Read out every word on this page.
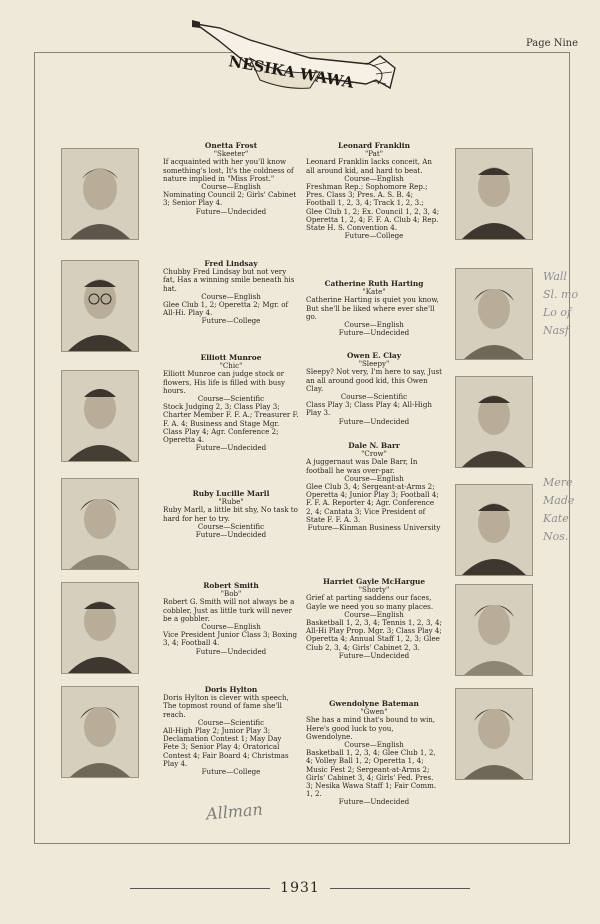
Page Nine
NESIKA WAWA
Onetta Frost
"Skeeter"
If acquainted with her you'll know something's lost, It's the coldness of nature implied in "Miss Frost."
Course—English
Nominating Council 2; Girls' Cabinet 3; Senior Play 4.
Future—Undecided
Fred Lindsay
Chubby Fred Lindsay but not very fat, Has a winning smile beneath his hat.
Course—English
Glee Club 1, 2; Operetta 2; Mgr. of All-Hi. Play 4.
Future—College
Elliott Munroe
"Chic"
Elliott Munroe can judge stock or flowers, His life is filled with busy hours.
Course—Scientific
Stock Judging 2, 3; Class Play 3; Charter Member F. F. A.; Treasurer F. F. A. 4; Business and Stage Mgr. Class Play 4; Agr. Conference 2; Operetta 4.
Future—Undecided
Ruby Lucille Marll
"Rube"
Ruby Marll, a little bit shy, No task to hard for her to try.
Course—Scientific
Future—Undecided
Robert Smith
"Bob"
Robert G. Smith will not always be a cobbler, Just as little turk will never be a gobbler.
Course—English
Vice President Junior Class 3; Boxing 3, 4; Football 4.
Future—Undecided
Doris Hylton
Doris Hylton is clever with speech, The topmost round of fame she'll reach.
Course—Scientific
All-High Play 2; Junior Play 3; Declamation Contest 1; May Day Fete 3; Senior Play 4; Oratorical Contest 4; Fair Board 4; Christmas Play 4.
Future—College
Leonard Franklin
"Pat"
Leonard Franklin lacks conceit, An all around kid, and hard to beat.
Course—English
Freshman Rep.; Sophomore Rep.; Pres. Class 3; Pres. A. S. B. 4; Football 1, 2, 3, 4; Track 1, 2, 3.; Glee Club 1, 2; Ex. Council 1, 2, 3, 4; Operetta 1, 2, 4; F. F. A. Club 4; Rep. State H. S. Convention 4.
Future—College
Catherine Ruth Harting
"Kate"
Catherine Harting is quiet you know, But she'll be liked where ever she'll go.
Course—English
Future—Undecided
Owen E. Clay
"Sleepy"
Sleepy? Not very, I'm here to say, Just an all around good kid, this Owen Clay.
Course—Scientific
Class Play 3; Class Play 4; All-High Play 3.
Future—Undecided
Dale N. Barr
"Crow"
A juggernaut was Dale Barr, In football he was over-par.
Course—English
Glee Club 3, 4; Sergeant-at-Arms 2; Operetta 4; Junior Play 3; Football 4; F. F. A. Reporter 4; Agr. Conference 2, 4; Cantata 3; Vice President of State F. F. A. 3.
Future—Kinman Business University
Harriet Gayle McHargue
"Shorty"
Grief at parting saddens our faces, Gayle we need you so many places.
Course—English
Basketball 1, 2, 3, 4; Tennis 1, 2, 3, 4; All-Hi Play Prop. Mgr. 3; Class Play 4; Operetta 4; Annual Staff 1, 2, 3; Glee Club 2, 3, 4; Girls' Cabinet 2, 3.
Future—Undecided
Gwendolyne Bateman
"Gwen"
She has a mind that's bound to win, Here's good luck to you, Gwendolyne.
Course—English
Basketball 1, 2, 3, 4; Glee Club 1, 2, 4; Volley Ball 1, 2; Operetta 1, 4; Music Fest 2; Sergeant-at-Arms 2; Girls' Cabinet 3, 4; Girls' Fed. Pres. 3; Nesika Wawa Staff 1; Fair Comm. 1, 2.
Future—Undecided
Allman
Wall
Sl. mo
Lo of
Nasf
Mere
Made
Kate
Nos.
1931
